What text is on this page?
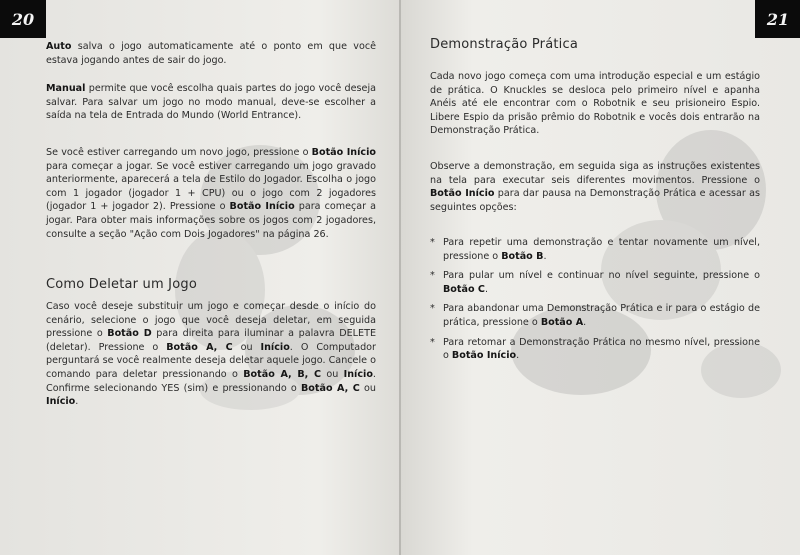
20

Auto salva o jogo automaticamente até o ponto em que você estava jogando antes de sair do jogo.

Manual permite que você escolha quais partes do jogo você deseja salvar. Para salvar um jogo no modo manual, deve-se escolher a saída na tela de Entrada do Mundo (World Entrance).

Se você estiver carregando um novo jogo, pressione o Botão Início para começar a jogar. Se você estiver carregando um jogo gravado anteriormente, aparecerá a tela de Estilo do Jogador. Escolha o jogo com 1 jogador (jogador 1 + CPU) ou o jogo com 2 jogadores (jogador 1 + jogador 2). Pressione o Botão Início para começar a jogar. Para obter mais informações sobre os jogos com 2 jogadores, consulte a seção "Ação com Dois Jogadores" na página 26.

Como Deletar um Jogo

Caso você deseje substituir um jogo e começar desde o início do cenário, selecione o jogo que você deseja deletar, em seguida pressione o Botão D para direita para iluminar a palavra DELETE (deletar). Pressione o Botão A, C ou Início. O Computador perguntará se você realmente deseja deletar aquele jogo. Cancele o comando para deletar pressionando o Botão A, B, C ou Início. Confirme selecionando YES (sim) e pressionando o Botão A, C ou Início.

21
Demonstração Prática

Cada novo jogo começa com uma introdução especial e um estágio de prática. O Knuckles se desloca pelo primeiro nível e apanha Anéis até ele encontrar com o Robotnik e seu prisioneiro Espio. Libere Espio da prisão prêmio do Robotnik e vocês dois entrarão na Demonstração Prática.

Observe a demonstração, em seguida siga as instruções existentes na tela para executar seis diferentes movimentos. Pressione o Botão Início para dar pausa na Demonstração Prática e acessar as seguintes opções:

* Para repetir uma demonstração e tentar novamente um nível, pressione o Botão B.
* Para pular um nível e continuar no nível seguinte, pressione o Botão C.
* Para abandonar uma Demonstração Prática e ir para o estágio de prática, pressione o Botão A.
* Para retomar a Demonstração Prática no mesmo nível, pressione o Botão Início.
